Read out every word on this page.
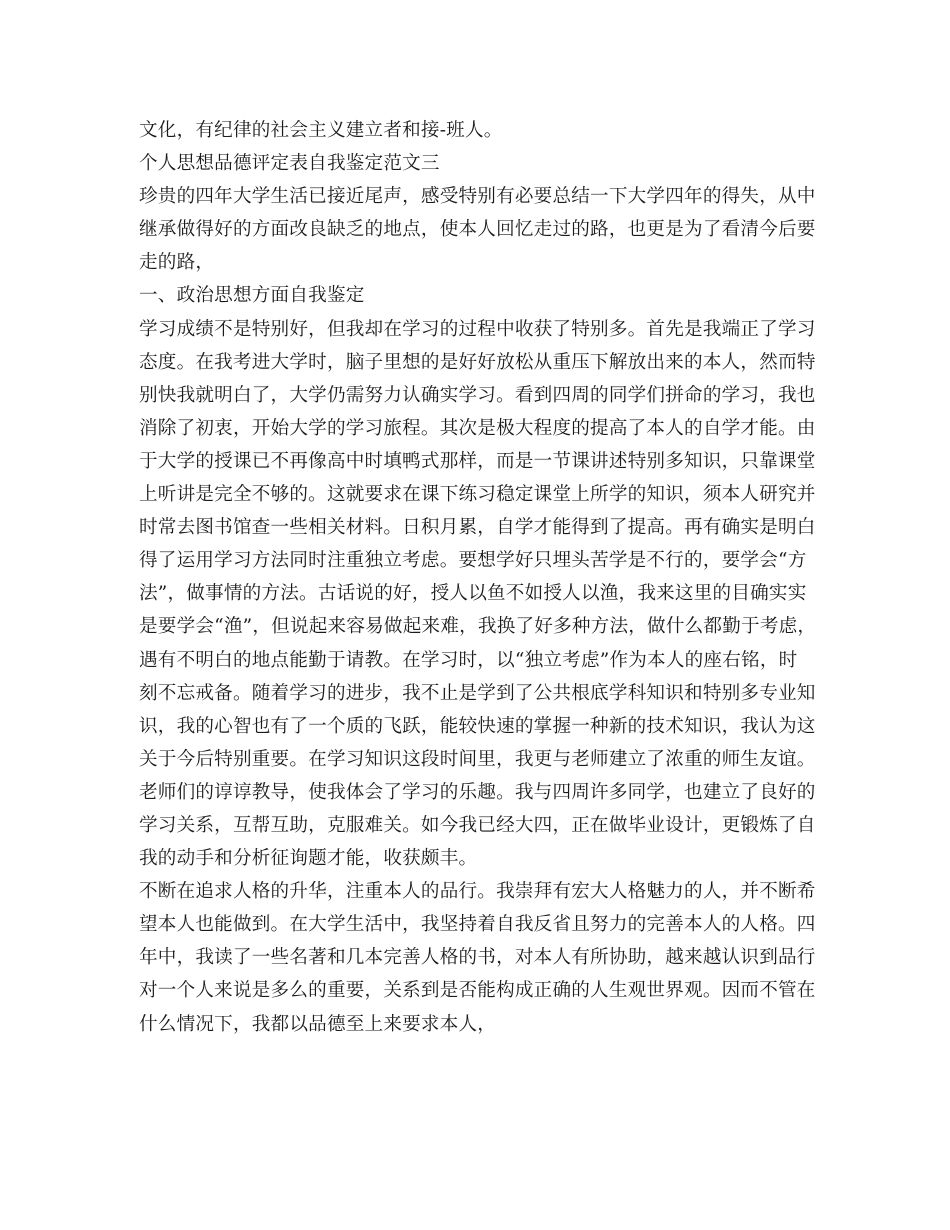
文化，有纪律的社会主义建立者和接-班人。
个人思想品德评定表自我鉴定范文三
珍贵的四年大学生活已接近尾声，感受特别有必要总结一下大学四年的得失，从中
继承做得好的方面改良缺乏的地点，使本人回忆走过的路，也更是为了看清今后要
走的路，
一、政治思想方面自我鉴定
学习成绩不是特别好，但我却在学习的过程中收获了特别多。首先是我端正了学习
态度。在我考进大学时，脑子里想的是好好放松从重压下解放出来的本人，然而特
别快我就明白了，大学仍需努力认确实学习。看到四周的同学们拼命的学习，我也
消除了初衷，开始大学的学习旅程。其次是极大程度的提高了本人的自学才能。由
于大学的授课已不再像高中时填鸭式那样，而是一节课讲述特别多知识，只靠课堂
上听讲是完全不够的。这就要求在课下练习稳定课堂上所学的知识，须本人研究并
时常去图书馆查一些相关材料。日积月累，自学才能得到了提高。再有确实是明白
得了运用学习方法同时注重独立考虑。要想学好只埋头苦学是不行的，要学会“方
法”，做事情的方法。古话说的好，授人以鱼不如授人以渔，我来这里的目确实实
是要学会“渔”，但说起来容易做起来难，我换了好多种方法，做什么都勤于考虑，
遇有不明白的地点能勤于请教。在学习时，以“独立考虑”作为本人的座右铭，时
刻不忘戒备。随着学习的进步，我不止是学到了公共根底学科知识和特别多专业知
识，我的心智也有了一个质的飞跃，能较快速的掌握一种新的技术知识，我认为这
关于今后特别重要。在学习知识这段时间里，我更与老师建立了浓重的师生友谊。
老师们的谆谆教导，使我体会了学习的乐趣。我与四周许多同学，也建立了良好的
学习关系，互帮互助，克服难关。如今我已经大四，正在做毕业设计，更锻炼了自
我的动手和分析征询题才能，收获颇丰。
不断在追求人格的升华，注重本人的品行。我崇拜有宏大人格魅力的人，并不断希
望本人也能做到。在大学生活中，我坚持着自我反省且努力的完善本人的人格。四
年中，我读了一些名著和几本完善人格的书，对本人有所协助，越来越认识到品行
对一个人来说是多么的重要，关系到是否能构成正确的人生观世界观。因而不管在
什么情况下，我都以品德至上来要求本人，
